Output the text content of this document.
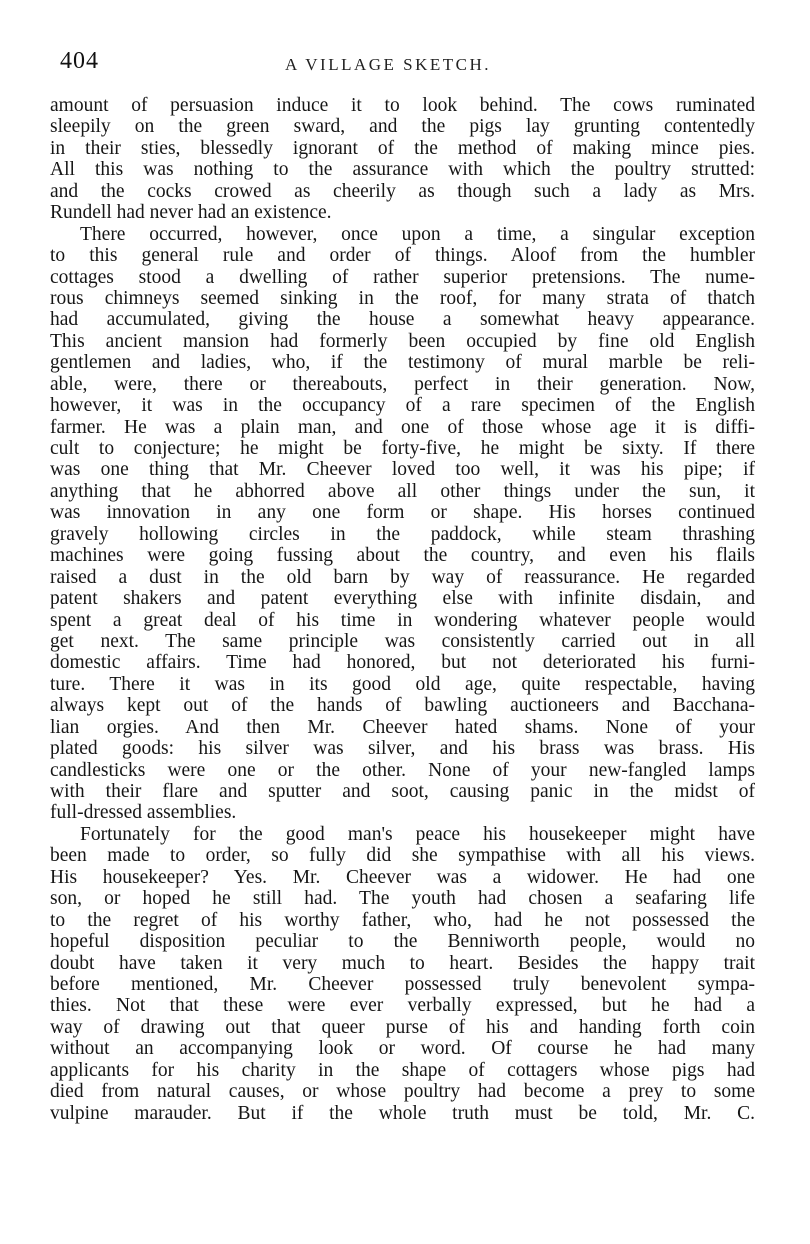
404	A VILLAGE SKETCH.
amount of persuasion induce it to look behind. The cows ruminated
sleepily on the green sward, and the pigs lay grunting contentedly
in their sties, blessedly ignorant of the method of making mince pies.
All this was nothing to the assurance with which the poultry strutted:
and the cocks crowed as cheerily as though such a lady as Mrs.
Rundell had never had an existence.
There occurred, however, once upon a time, a singular exception
to this general rule and order of things. Aloof from the humbler
cottages stood a dwelling of rather superior pretensions. The nume-
rous chimneys seemed sinking in the roof, for many strata of thatch
had accumulated, giving the house a somewhat heavy appearance.
This ancient mansion had formerly been occupied by fine old English
gentlemen and ladies, who, if the testimony of mural marble be reli-
able, were, there or thereabouts, perfect in their generation. Now,
however, it was in the occupancy of a rare specimen of the English
farmer. He was a plain man, and one of those whose age it is diffi-
cult to conjecture; he might be forty-five, he might be sixty. If there
was one thing that Mr. Cheever loved too well, it was his pipe; if
anything that he abhorred above all other things under the sun, it
was innovation in any one form or shape. His horses continued
gravely hollowing circles in the paddock, while steam thrashing
machines were going fussing about the country, and even his flails
raised a dust in the old barn by way of reassurance. He regarded
patent shakers and patent everything else with infinite disdain, and
spent a great deal of his time in wondering whatever people would
get next. The same principle was consistently carried out in all
domestic affairs. Time had honored, but not deteriorated his furni-
ture. There it was in its good old age, quite respectable, having
always kept out of the hands of bawling auctioneers and Bacchana-
lian orgies. And then Mr. Cheever hated shams. None of your
plated goods: his silver was silver, and his brass was brass. His
candlesticks were one or the other. None of your new-fangled lamps
with their flare and sputter and soot, causing panic in the midst of
full-dressed assemblies.
Fortunately for the good man's peace his housekeeper might have
been made to order, so fully did she sympathise with all his views.
His housekeeper? Yes. Mr. Cheever was a widower. He had one
son, or hoped he still had. The youth had chosen a seafaring life
to the regret of his worthy father, who, had he not possessed the
hopeful disposition peculiar to the Benniworth people, would no
doubt have taken it very much to heart. Besides the happy trait
before mentioned, Mr. Cheever possessed truly benevolent sympa-
thies. Not that these were ever verbally expressed, but he had a
way of drawing out that queer purse of his and handing forth coin
without an accompanying look or word. Of course he had many
applicants for his charity in the shape of cottagers whose pigs had
died from natural causes, or whose poultry had become a prey to some
vulpine marauder. But if the whole truth must be told, Mr. C.
